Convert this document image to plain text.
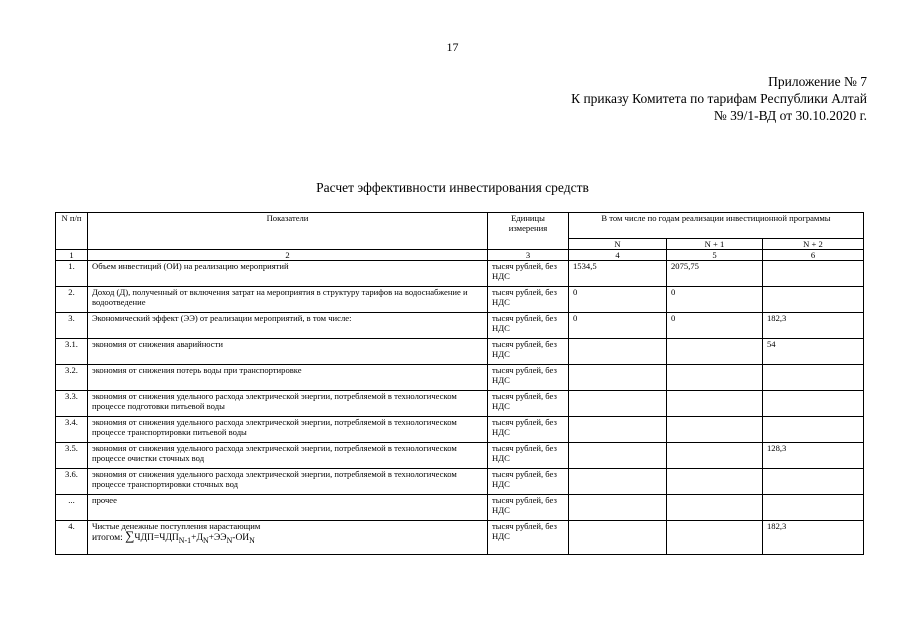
17
Приложение № 7
К приказу Комитета по тарифам Республики Алтай
№ 39/1-ВД от 30.10.2020 г.
Расчет эффективности инвестирования средств
N п/п	Показатели	Единицы измерения	В том числе по годам реализации инвестиционной программы		
			N	N + 1	N + 2
1	2	3	4	5	6
1.	Объем инвестиций (ОИ) на реализацию мероприятий	тысяч рублей, без НДС	1534,5	2075,75	
2.	Доход (Д), полученный от включения затрат на мероприятия в структуру тарифов на водоснабжение и водоотведение	тысяч рублей, без НДС	0	0	
3.	Экономический эффект (ЭЭ) от реализации мероприятий, в том числе:	тысяч рублей, без НДС	0	0	182,3
3.1.	экономия от снижения аварийности	тысяч рублей, без НДС			54
3.2.	экономия от снижения потерь воды при транспортировке	тысяч рублей, без НДС			
3.3.	экономия от снижения удельного расхода электрической энергии, потребляемой в технологическом процессе подготовки питьевой воды	тысяч рублей, без НДС			
3.4.	экономия от снижения удельного расхода электрической энергии, потребляемой в технологическом процессе транспортировки питьевой воды	тысяч рублей, без НДС			
3.5.	экономия от снижения удельного расхода электрической энергии, потребляемой в технологическом процессе очистки сточных вод	тысяч рублей, без НДС			128,3
3.6.	экономия от снижения удельного расхода электрической энергии, потребляемой в технологическом процессе транспортировки сточных вод	тысяч рублей, без НДС			
...	прочее	тысяч рублей, без НДС			
4.	Чистые денежные поступления нарастающим
итогом: $\sum ЧДП=ЧДП_{N-1}+Д_N+ЭЭ_N-ОИ_N$	тысяч рублей, без НДС			182,3
